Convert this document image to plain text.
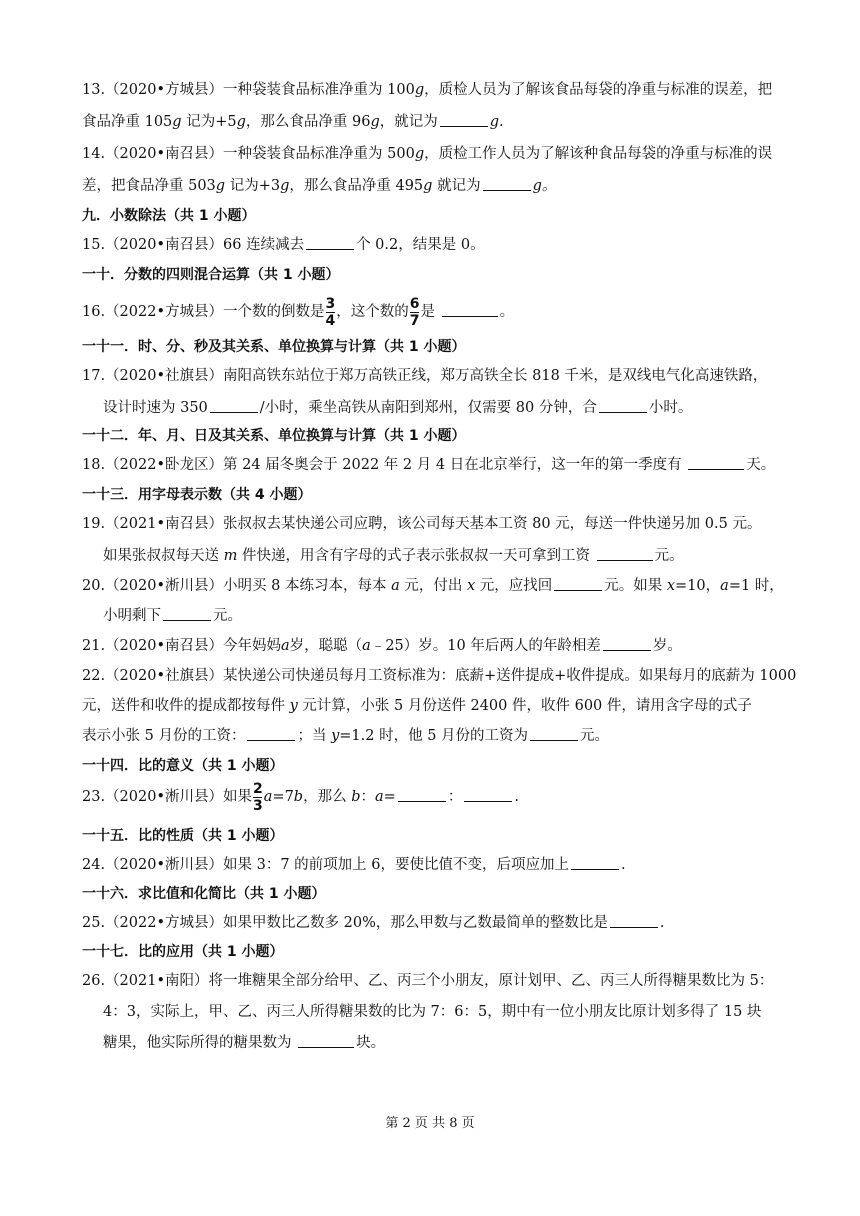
13.（2020•方城县）一种袋装食品标准净重为 100g，质检人员为了解该食品每袋的净重与标准的误差，把
食品净重 105g 记为+5g，那么食品净重 96g，就记为	g.
14.（2020•南召县）一种袋装食品标准净重为 500g，质检工作人员为了解该种食品每袋的净重与标准的误
差，把食品净重 503g 记为+3g，那么食品净重 495g 就记为	g。
九．小数除法（共 1 小题）
15.（2020•南召县）66 连续减去	个 0.2，结果是 0。
一十．分数的四则混合运算（共 1 小题）
16.（2022•方城县）一个数的倒数是 $\frac{3}{4}$ ，这个数的 $\frac{6}{7}$ 是	。
一十一．时、分、秒及其关系、单位换算与计算（共 1 小题）
17.（2020•社旗县）南阳高铁东站位于郑万高铁正线，郑万高铁全长 818 千米，是双线电气化高速铁路，
设计时速为 350	/小时，乘坐高铁从南阳到郑州，仅需要 80 分钟，合	小时。
一十二．年、月、日及其关系、单位换算与计算（共 1 小题）
18.（2022•卧龙区）第 24 届冬奥会于 2022 年 2 月 4 日在北京举行，这一年的第一季度有	天。
一十三．用字母表示数（共 4 小题）
19.（2021•南召县）张叔叔去某快递公司应聘，该公司每天基本工资 80 元，每送一件快递另加 0.5 元。
如果张叔叔每天送 m 件快递，用含有字母的式子表示张叔叔一天可拿到工资	元。
20.（2020•淅川县）小明买 8 本练习本，每本 a 元，付出 x 元，应找回	元。如果 x=10，a=1 时，
小明剩下	元。
21.（2020•南召县）今年妈妈a岁，聪聪（a﹣25）岁。10 年后两人的年龄相差	岁。
22.（2020•社旗县）某快递公司快递员每月工资标准为：底薪+送件提成+收件提成。如果每月的底薪为 1000
元，送件和收件的提成都按每件 y 元计算，小张 5 月份送件 2400 件，收件 600 件，请用含字母的式子
表示小张 5 月份的工资：	；当 y=1.2 时，他 5 月份的工资为	元。
一十四．比的意义（共 1 小题）
23.（2020•淅川县）如果 $\frac{2}{3} a=7b$，那么 b：a=	：	.
一十五．比的性质（共 1 小题）
24.（2020•淅川县）如果 3：7 的前项加上 6，要使比值不变，后项应加上	.
一十六．求比值和化简比（共 1 小题）
25.（2022•方城县）如果甲数比乙数多 20%，那么甲数与乙数最简单的整数比是	.
一十七．比的应用（共 1 小题）
26.（2021•南阳）将一堆糖果全部分给甲、乙、丙三个小朋友，原计划甲、乙、丙三人所得糖果数比为 5：
4：3，实际上，甲、乙、丙三人所得糖果数的比为 7：6：5，期中有一位小朋友比原计划多得了 15 块
糖果，他实际所得的糖果数为	块。
第 2 页 共 8 页
